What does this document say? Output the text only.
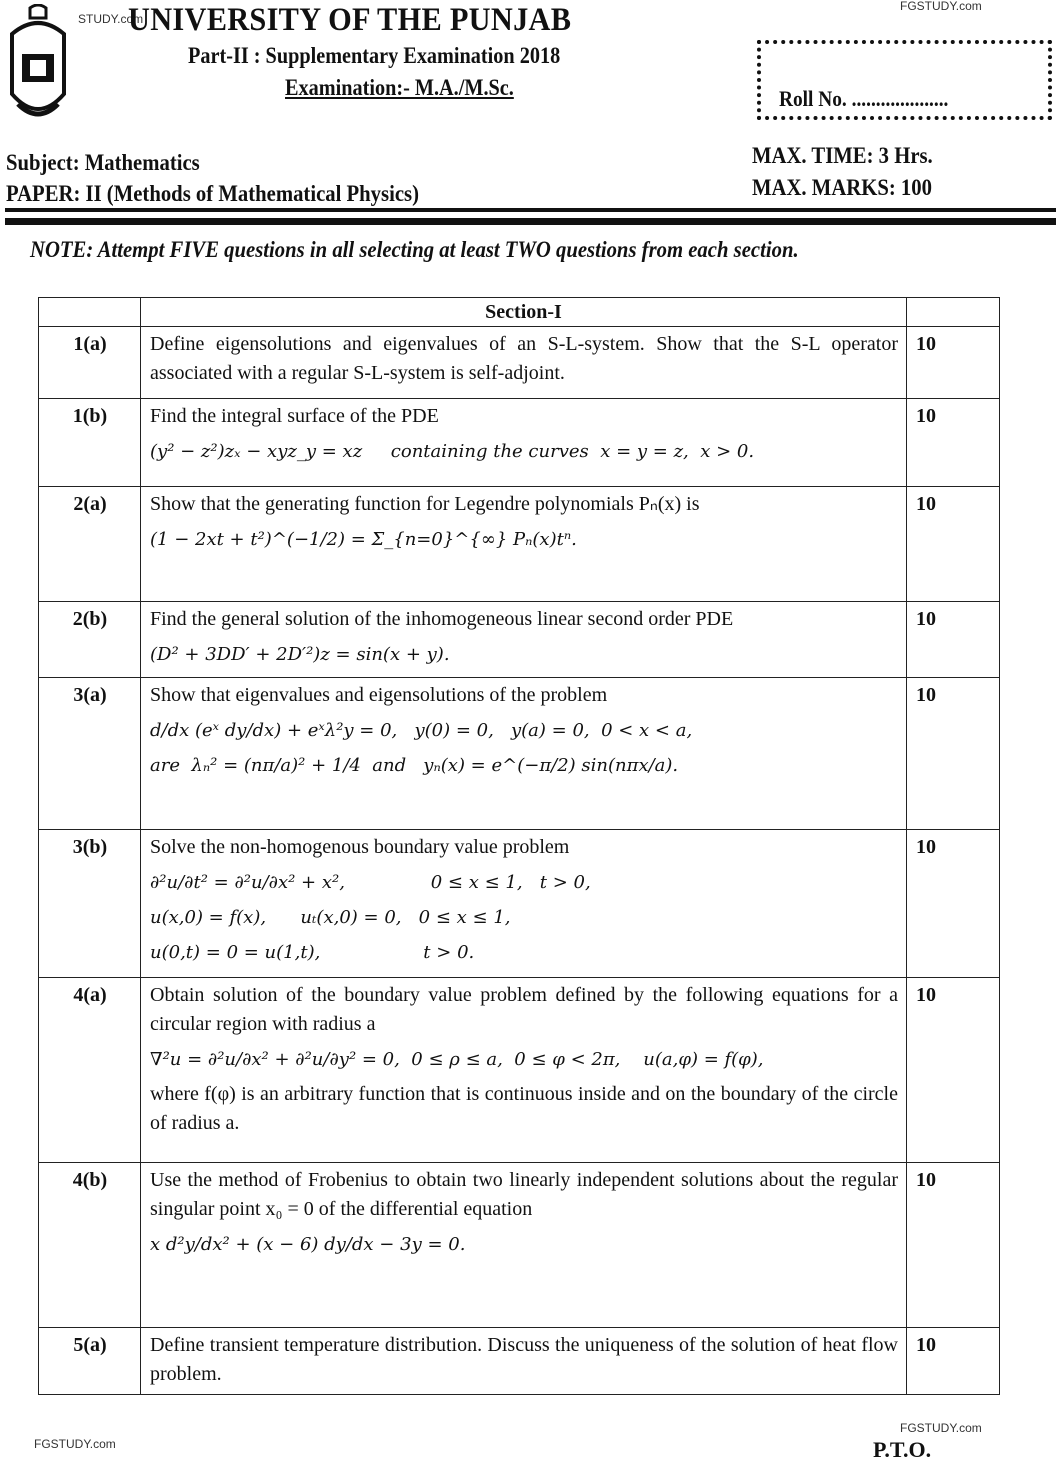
FGSTUDY.com
STUDY.com
UNIVERSITY OF THE PUNJAB
Part-II : Supplementary Examination 2018
Examination:- M.A./M.Sc.	Roll No. ....................
Subject: Mathematics
PAPER: II (Methods of Mathematical Physics)
MAX. TIME: 3 Hrs.
MAX. MARKS: 100
NOTE: Attempt FIVE questions in all selecting at least TWO questions from each section.
	Section-I	
1(a)	Define eigensolutions and eigenvalues of an S-L-system. Show that the S-L operator associated with a regular S-L-system is self-adjoint.	10
1(b)	Find the integral surface of the PDE
(y² − z²)zₓ − xyz_y = xz     containing the curves  x = y = z,  x > 0.	10
2(a)	Show that the generating function for Legendre polynomials Pₙ(x) is
(1 − 2xt + t²)^(−1/2) = Σ_{n=0}^{∞} Pₙ(x)tⁿ.	10
2(b)	Find the general solution of the inhomogeneous linear second order PDE
(D² + 3DD′ + 2D′²)z = sin(x + y).	10
3(a)	Show that eigenvalues and eigensolutions of the problem
d/dx (eˣ dy/dx) + eˣλ²y = 0,   y(0) = 0,   y(a) = 0,  0 < x < a,
are  λₙ² = (nπ/a)² + 1/4  and   yₙ(x) = e^(−π/2) sin(nπx/a).	10
3(b)	Solve the non-homogenous boundary value problem
∂²u/∂t² = ∂²u/∂x² + x²,               0 ≤ x ≤ 1,   t > 0,
u(x,0) = f(x),      uₜ(x,0) = 0,   0 ≤ x ≤ 1,
u(0,t) = 0 = u(1,t),                  t > 0.	10
4(a)	Obtain solution of the boundary value problem defined by the following equations for a circular region with radius a
∇²u = ∂²u/∂x² + ∂²u/∂y² = 0,  0 ≤ ρ ≤ a,  0 ≤ φ < 2π,    u(a,φ) = f(φ),
where f(φ) is an arbitrary function that is continuous inside and on the boundary of the circle of radius a.	10
4(b)	Use the method of Frobenius to obtain two linearly independent solutions about the regular singular point x₀ = 0 of the differential equation
x d²y/dx² + (x − 6) dy/dx − 3y = 0.	10
5(a)	Define transient temperature distribution. Discuss the uniqueness of the solution of heat flow problem.	10
FGSTUDY.com
FGSTUDY.com
P.T.O.
